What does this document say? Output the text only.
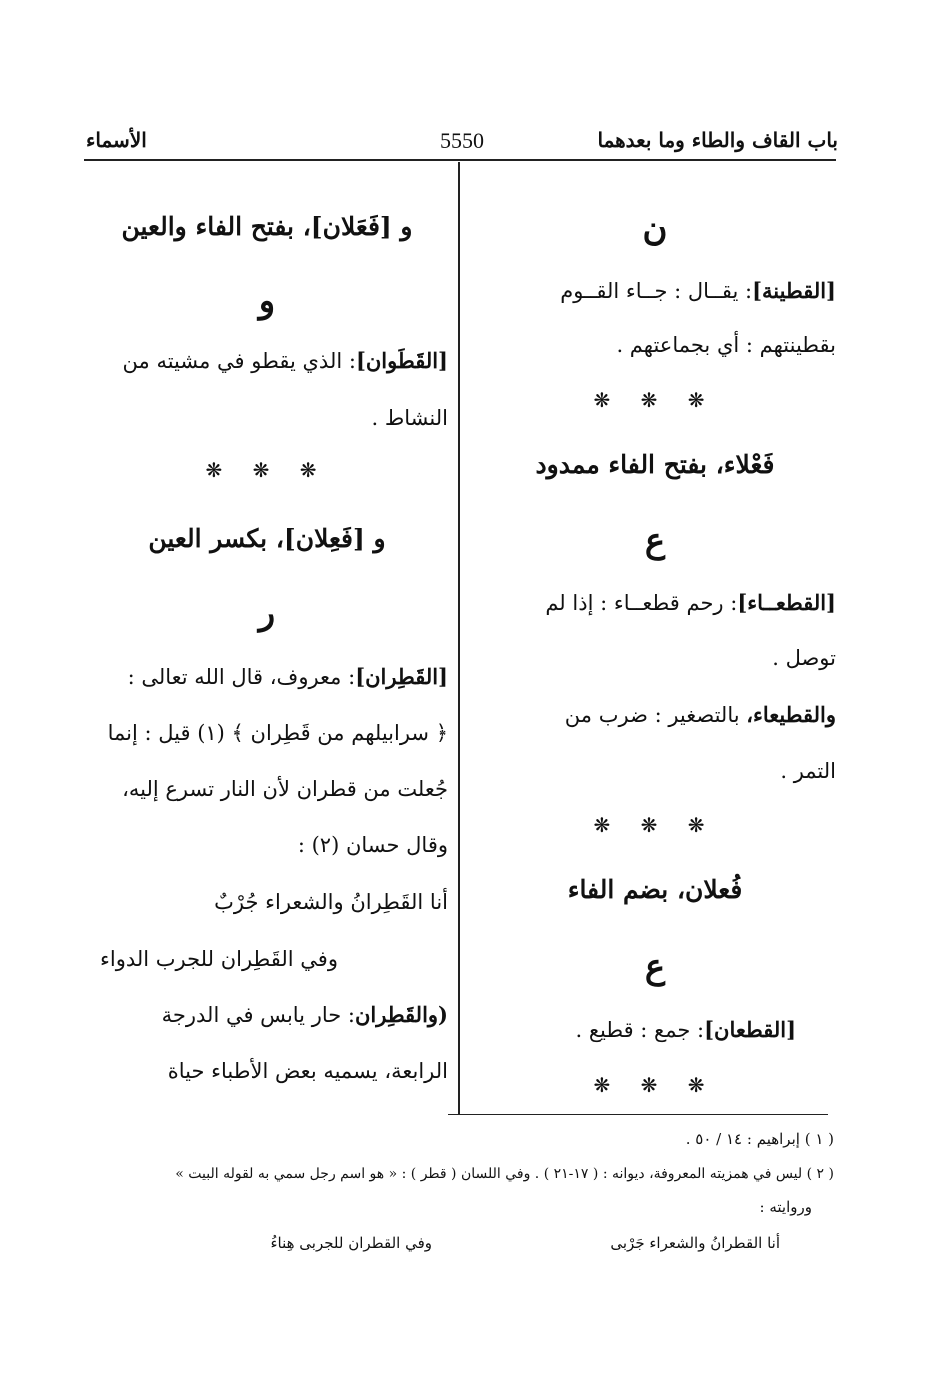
باب القاف والطاء وما بعدهما
5550
الأسماء
ن
[القطينة]: يقــال : جــاء القــوم
بقطينتهم : أي بجماعتهم .
❋ ❋ ❋
فَعْلاء، بفتح الفاء ممدود
ع
[القطعــاء]: رحم قطعــاء : إذا لم
توصل .
والقطيعاء، بالتصغير : ضرب من
التمر .
❋ ❋ ❋
فُعلان، بضم الفاء
ع
[القطعان]: جمع : قطيع .
❋ ❋ ❋
و [فَعَلان]، بفتح الفاء والعين
و
[القَطَوان]: الذي يقطو في مشيته من
النشاط .
❋ ❋ ❋
و [فَعِلان]، بكسر العين
ر
[القَطِران]: معروف، قال الله تعالى :
﴿ سرابيلهم من قَطِران ﴾ (١) قيل : إنما
جُعلت من قطران لأن النار تسرع إليه،
وقال حسان (٢) :
أنا القَطِرانُ والشعراء جُرْبٌ
وفي القَطِران للجرب الدواء
(والقَطِران: حار يابس في الدرجة
الرابعة، يسميه بعض الأطباء حياة
( ١ ) إبراهيم : ١٤ / ٥٠ .
( ٢ ) ليس في همزيته المعروفة، ديوانه : ( ١٧-٢١ ) . وفي اللسان ( قطر ) : « هو اسم رجل سمي به لقوله البيت »
وروايته :
أنا القطرانُ والشعراء جَرْبى
وفي القطران للجربى هِناءُ
